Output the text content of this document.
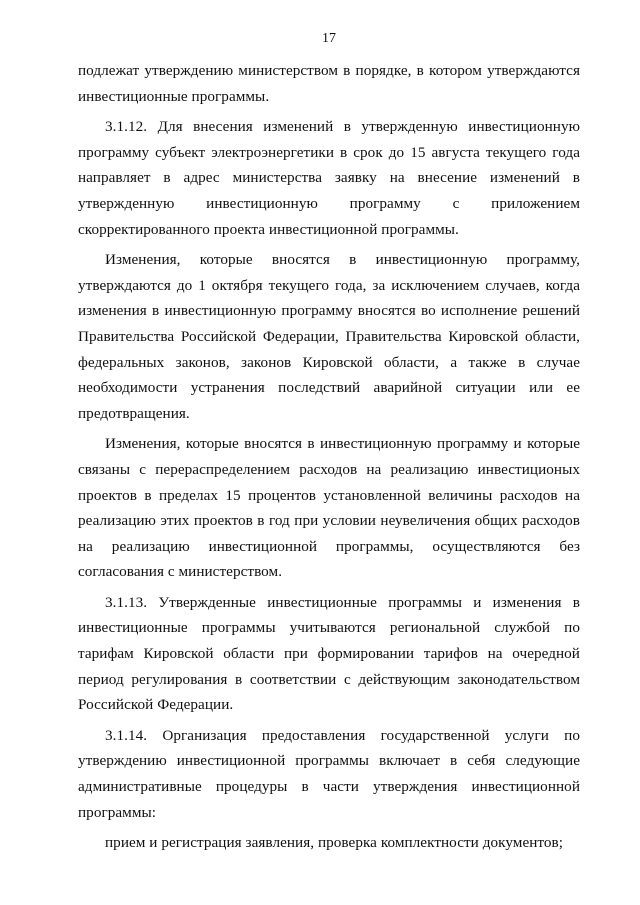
17

подлежат утверждению министерством в порядке, в котором утверждаются инвестиционные программы.

3.1.12. Для внесения изменений в утвержденную инвестиционную программу субъект электроэнергетики в срок до 15 августа текущего года направляет в адрес министерства заявку на внесение изменений в утвержденную инвестиционную программу с приложением скорректированного проекта инвестиционной программы.

Изменения, которые вносятся в инвестиционную программу, утверждаются до 1 октября текущего года, за исключением случаев, когда изменения в инвестиционную программу вносятся во исполнение решений Правительства Российской Федерации, Правительства Кировской области, федеральных законов, законов Кировской области, а также в случае необходимости устранения последствий аварийной ситуации или ее предотвращения.

Изменения, которые вносятся в инвестиционную программу и которые связаны с перераспределением расходов на реализацию инвестиционых проектов в пределах 15 процентов установленной величины расходов на реализацию этих проектов в год при условии неувеличения общих расходов на реализацию инвестиционной программы, осуществляются без согласования с министерством.

3.1.13. Утвержденные инвестиционные программы и изменения в инвестиционные программы учитываются региональной службой по тарифам Кировской области при формировании тарифов на очередной период регулирования в соответствии с действующим законодательством Российской Федерации.

3.1.14. Организация предоставления государственной услуги по утверждению инвестиционной программы включает в себя следующие административные процедуры в части утверждения инвестиционной программы:

прием и регистрация заявления, проверка комплектности документов;
